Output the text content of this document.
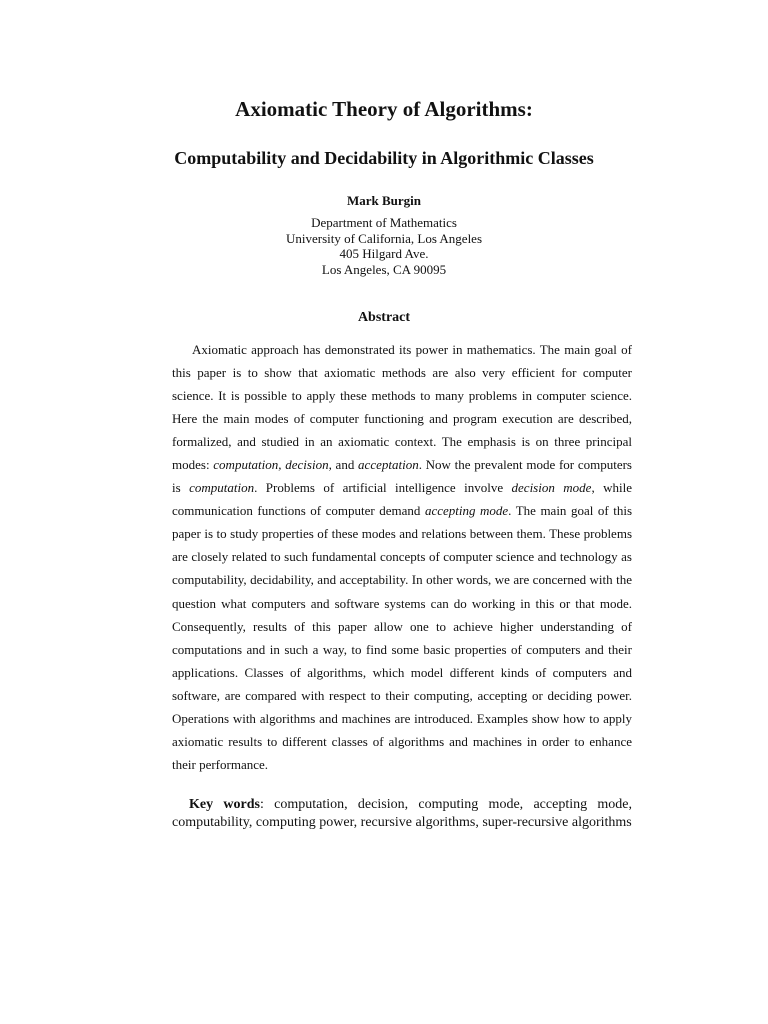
Axiomatic Theory of Algorithms:
Computability and Decidability in Algorithmic Classes
Mark Burgin
Department of Mathematics
University of California, Los Angeles
405 Hilgard Ave.
Los Angeles, CA 90095
Abstract

Axiomatic approach has demonstrated its power in mathematics. The main goal of this paper is to show that axiomatic methods are also very efficient for computer science. It is possible to apply these methods to many problems in computer science. Here the main modes of computer functioning and program execution are described, formalized, and studied in an axiomatic context. The emphasis is on three principal modes: computation, decision, and acceptation. Now the prevalent mode for computers is computation. Problems of artificial intelligence involve decision mode, while communication functions of computer demand accepting mode. The main goal of this paper is to study properties of these modes and relations between them. These problems are closely related to such fundamental concepts of computer science and technology as computability, decidability, and acceptability. In other words, we are concerned with the question what computers and software systems can do working in this or that mode. Consequently, results of this paper allow one to achieve higher understanding of computations and in such a way, to find some basic properties of computers and their applications. Classes of algorithms, which model different kinds of computers and software, are compared with respect to their computing, accepting or deciding power. Operations with algorithms and machines are introduced. Examples show how to apply axiomatic results to different classes of algorithms and machines in order to enhance their performance.

Key words: computation, decision, computing mode, accepting mode, computability, computing power, recursive algorithms, super-recursive algorithms
